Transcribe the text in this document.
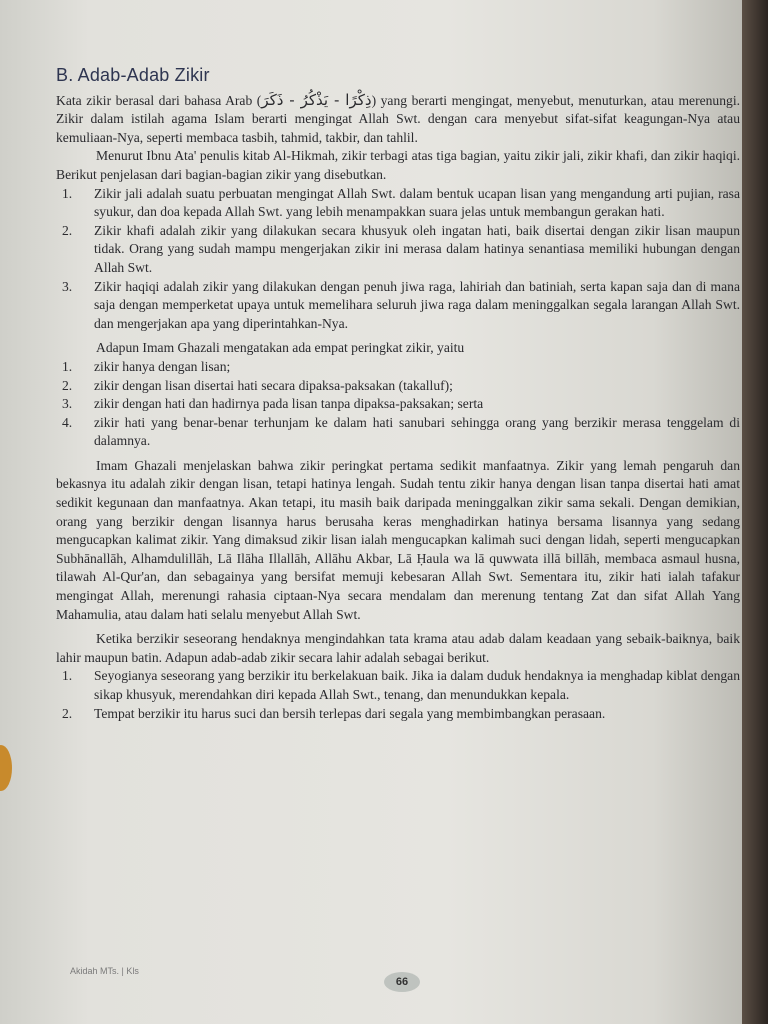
B. Adab-Adab Zikir

Kata zikir berasal dari bahasa Arab (ذِكْرًا - يَذْكُرُ - ذَكَرَ) yang berarti mengingat, menyebut, menuturkan, atau merenungi. Zikir dalam istilah agama Islam berarti mengingat Allah Swt. dengan cara menyebut sifat-sifat keagungan-Nya atau kemuliaan-Nya, seperti membaca tasbih, tahmid, takbir, dan tahlil.

Menurut Ibnu Ata' penulis kitab Al-Hikmah, zikir terbagi atas tiga bagian, yaitu zikir jali, zikir khafi, dan zikir haqiqi. Berikut penjelasan dari bagian-bagian zikir yang disebutkan.

1. Zikir jali adalah suatu perbuatan mengingat Allah Swt. dalam bentuk ucapan lisan yang mengandung arti pujian, rasa syukur, dan doa kepada Allah Swt. yang lebih menampakkan suara jelas untuk membangun gerakan hati.
2. Zikir khafi adalah zikir yang dilakukan secara khusyuk oleh ingatan hati, baik disertai dengan zikir lisan maupun tidak. Orang yang sudah mampu mengerjakan zikir ini merasa dalam hatinya senantiasa memiliki hubungan dengan Allah Swt.
3. Zikir haqiqi adalah zikir yang dilakukan dengan penuh jiwa raga, lahiriah dan batiniah, serta kapan saja dan di mana saja dengan memperketat upaya untuk memelihara seluruh jiwa raga dalam meninggalkan segala larangan Allah Swt. dan mengerjakan apa yang diperintahkan-Nya.

Adapun Imam Ghazali mengatakan ada empat peringkat zikir, yaitu

1. zikir hanya dengan lisan;
2. zikir dengan lisan disertai hati secara dipaksa-paksakan (takalluf);
3. zikir dengan hati dan hadirnya pada lisan tanpa dipaksa-paksakan; serta
4. zikir hati yang benar-benar terhunjam ke dalam hati sanubari sehingga orang yang berzikir merasa tenggelam di dalamnya.

Imam Ghazali menjelaskan bahwa zikir peringkat pertama sedikit manfaatnya. Zikir yang lemah pengaruh dan bekasnya itu adalah zikir dengan lisan, tetapi hatinya lengah. Sudah tentu zikir hanya dengan lisan tanpa disertai hati amat sedikit kegunaan dan manfaatnya. Akan tetapi, itu masih baik daripada meninggalkan zikir sama sekali. Dengan demikian, orang yang berzikir dengan lisannya harus berusaha keras menghadirkan hatinya bersama lisannya yang sedang mengucapkan kalimat zikir. Yang dimaksud zikir lisan ialah mengucapkan kalimah suci dengan lidah, seperti mengucapkan Subhānallāh, Alhamdulillāh, Lā Ilāha Illallāh, Allāhu Akbar, Lā Ḥaula wa lā quwwata illā billāh, membaca asmaul husna, tilawah Al-Qur'an, dan sebagainya yang bersifat memuji kebesaran Allah Swt. Sementara itu, zikir hati ialah tafakur mengingat Allah, merenungi rahasia ciptaan-Nya secara mendalam dan merenung tentang Zat dan sifat Allah Yang Mahamulia, atau dalam hati selalu menyebut Allah Swt.

Ketika berzikir seseorang hendaknya mengindahkan tata krama atau adab dalam keadaan yang sebaik-baiknya, baik lahir maupun batin. Adapun adab-adab zikir secara lahir adalah sebagai berikut.

1. Seyogianya seseorang yang berzikir itu berkelakuan baik. Jika ia dalam duduk hendaknya ia menghadap kiblat dengan sikap khusyuk, merendahkan diri kepada Allah Swt., tenang, dan menundukkan kepala.
2. Tempat berzikir itu harus suci dan bersih terlepas dari segala yang membimbangkan perasaan.
Akidah MTs. | Kls
66
